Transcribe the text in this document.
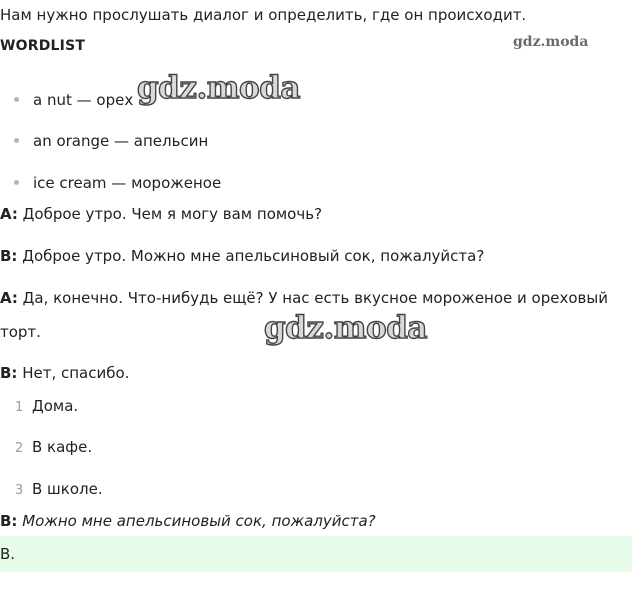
Нам нужно прослушать диалог и определить, где он происходит.
WORDLIST	gdz.moda
a nut — орех gdz.moda
an orange — апельсин
ice cream — мороженое
A: Доброе утро. Чем я могу вам помочь?
B: Доброе утро. Можно мне апельсиновый сок, пожалуйста?
A: Да, конечно. Что-нибудь ещё? У нас есть вкусное мороженое и ореховый
торт.	gdz.moda
B: Нет, спасибо.
1 Дома.
2 В кафе.
3 В школе.
B: Можно мне апельсиновый сок, пожалуйста?
B.
